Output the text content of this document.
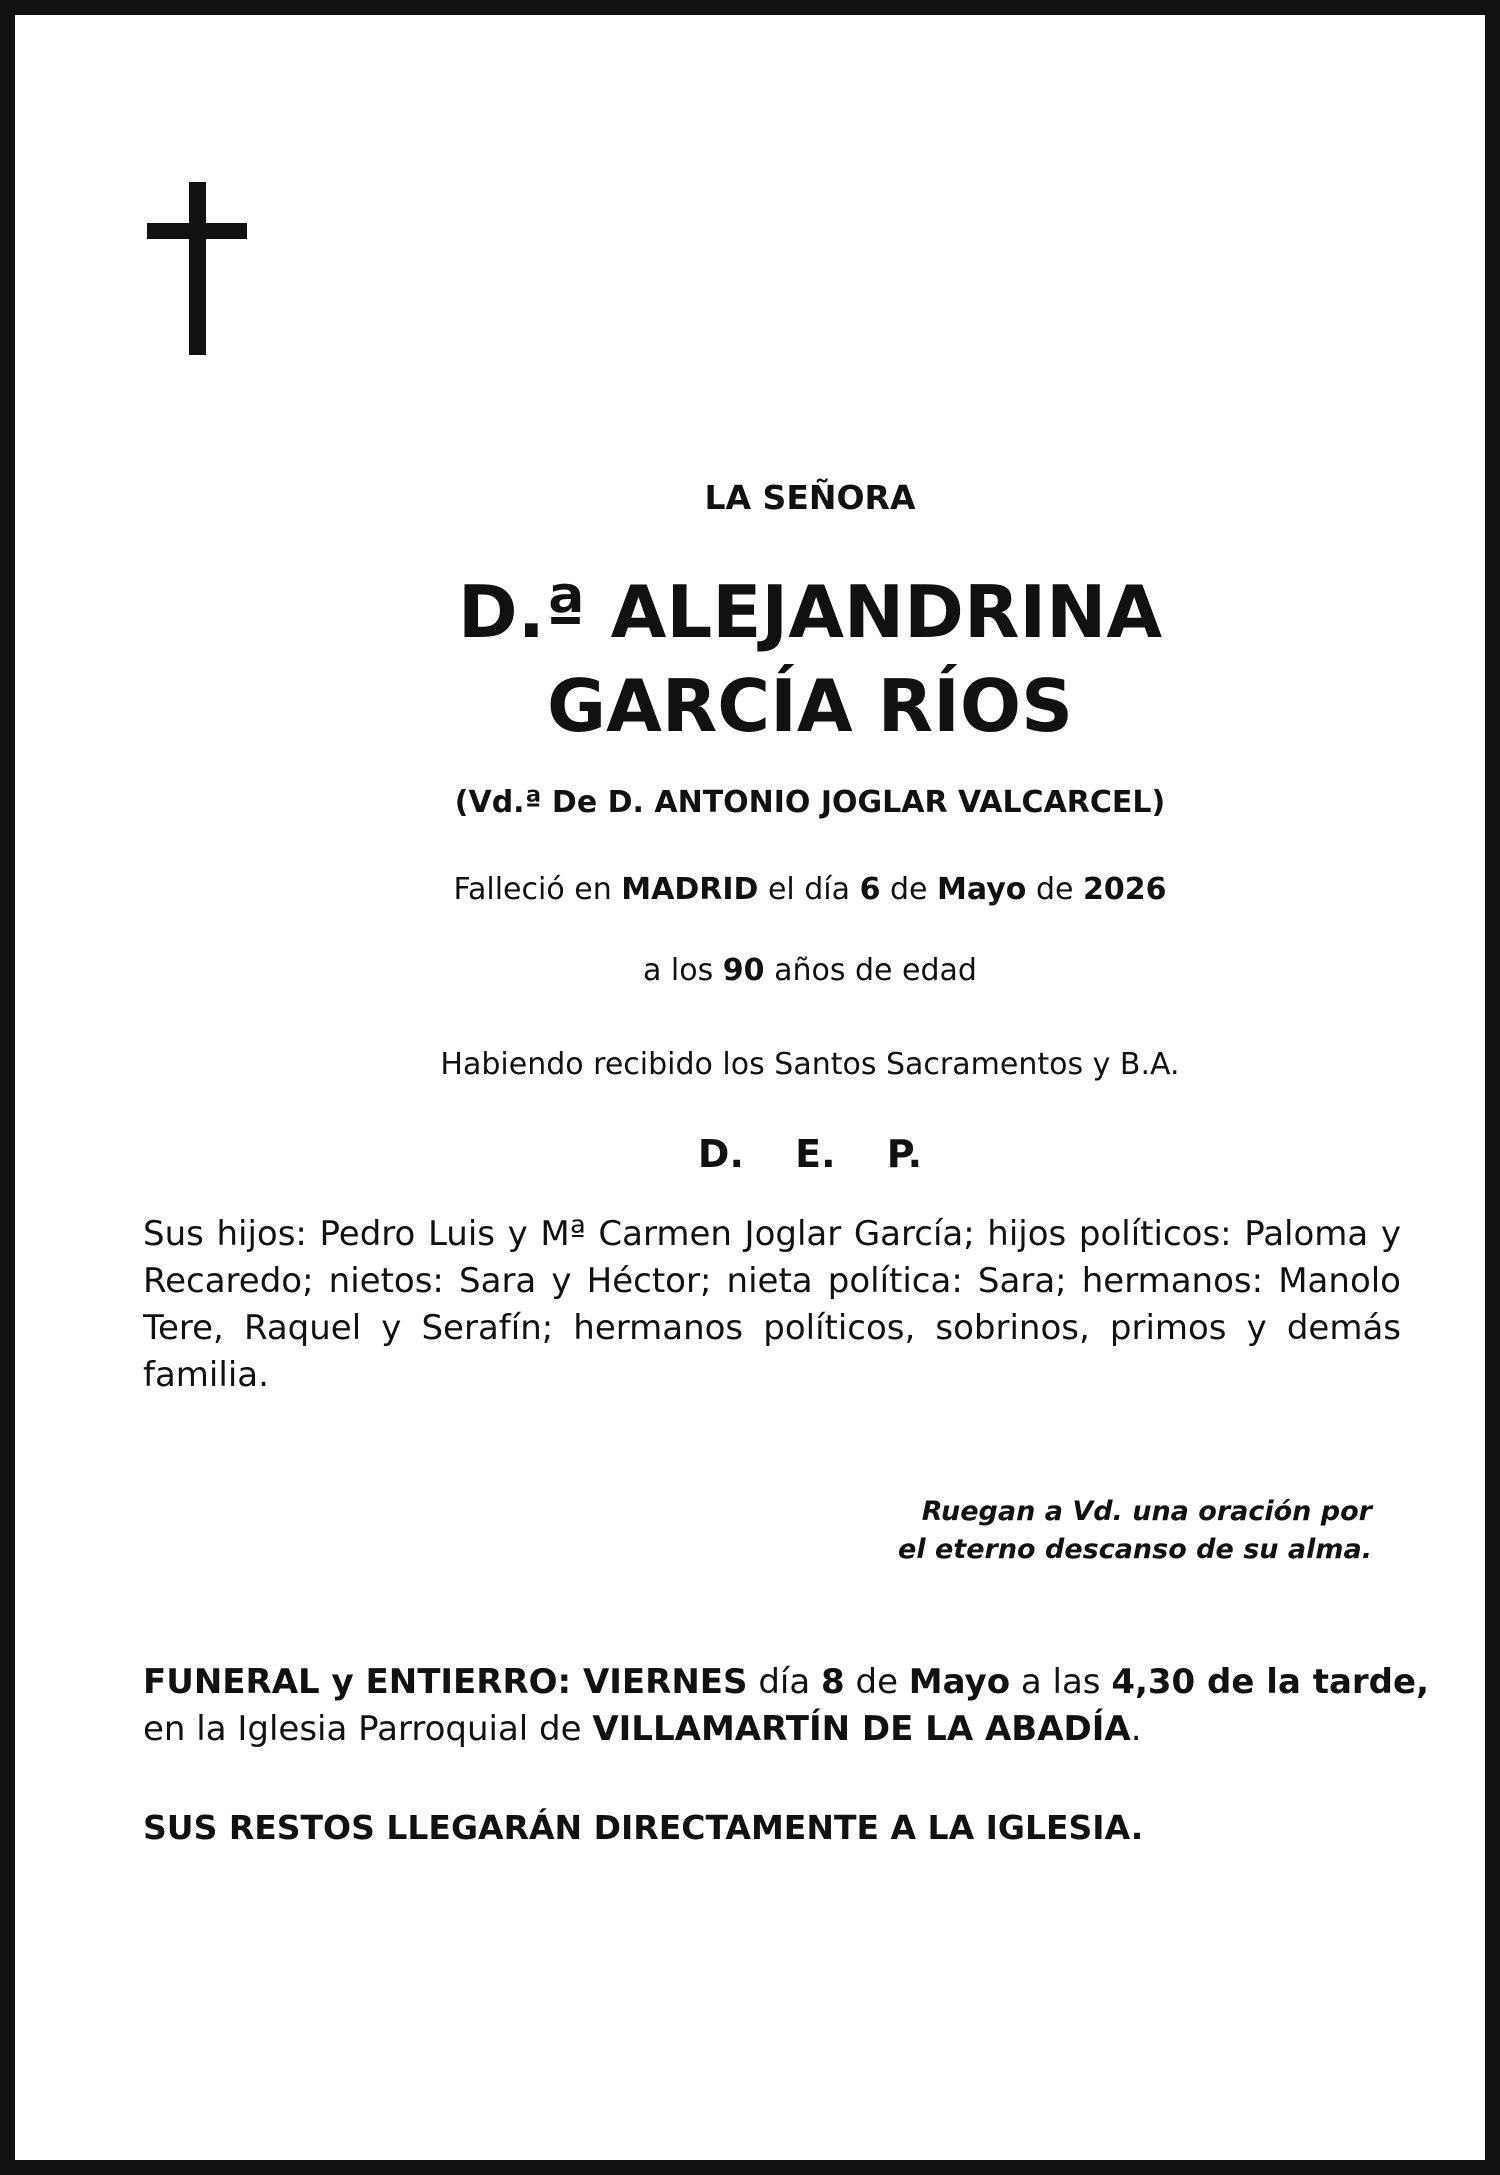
LA SEÑORA
D.ª ALEJANDRINA
GARCÍA RÍOS
(Vd.ª De D. ANTONIO JOGLAR VALCARCEL)
Falleció en MADRID el día 6 de Mayo de 2026
a los 90 años de edad
Habiendo recibido los Santos Sacramentos y B.A.
D. E. P.
Sus hijos: Pedro Luis y Mª Carmen Joglar García; hijos políticos: Paloma y Recaredo; nietos: Sara y Héctor; nieta política: Sara; hermanos: Manolo Tere, Raquel y Serafín; hermanos políticos, sobrinos, primos y demás familia.
Ruegan a Vd. una oración por
el eterno descanso de su alma.
FUNERAL y ENTIERRO: VIERNES día 8 de Mayo a las 4,30 de la tarde,
en la Iglesia Parroquial de VILLAMARTÍN DE LA ABADÍA.
SUS RESTOS LLEGARÁN DIRECTAMENTE A LA IGLESIA.
